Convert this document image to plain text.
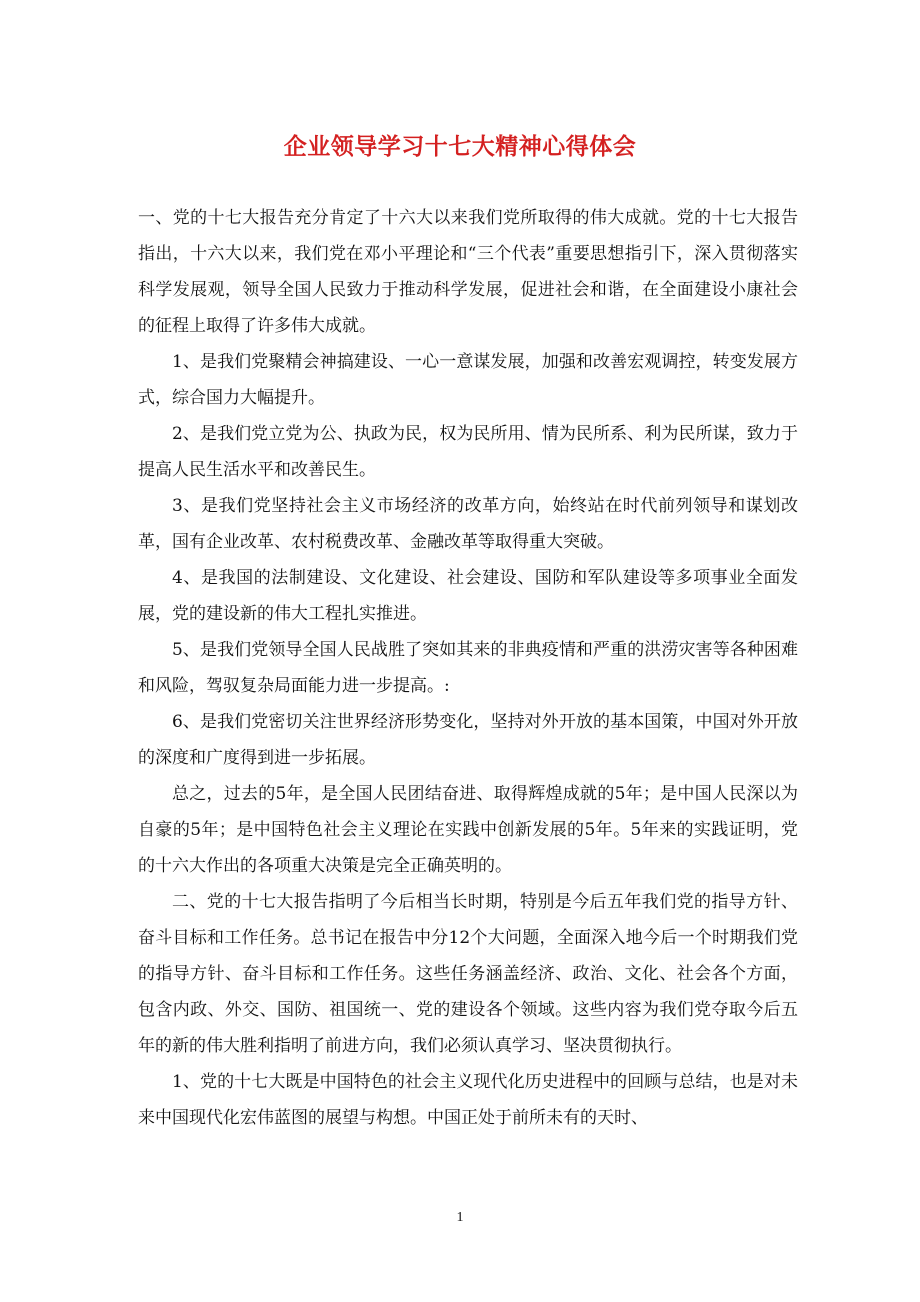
企业领导学习十七大精神心得体会

一、党的十七大报告充分肯定了十六大以来我们党所取得的伟大成就。党的十七大报告指出，十六大以来，我们党在邓小平理论和“三个代表”重要思想指引下，深入贯彻落实科学发展观，领导全国人民致力于推动科学发展，促进社会和谐，在全面建设小康社会的征程上取得了许多伟大成就。

1、是我们党聚精会神搞建设、一心一意谋发展，加强和改善宏观调控，转变发展方式，综合国力大幅提升。

2、是我们党立党为公、执政为民，权为民所用、情为民所系、利为民所谋，致力于提高人民生活水平和改善民生。

3、是我们党坚持社会主义市场经济的改革方向，始终站在时代前列领导和谋划改革，国有企业改革、农村税费改革、金融改革等取得重大突破。

4、是我国的法制建设、文化建设、社会建设、国防和军队建设等多项事业全面发展，党的建设新的伟大工程扎实推进。

5、是我们党领导全国人民战胜了突如其来的非典疫情和严重的洪涝灾害等各种困难和风险，驾驭复杂局面能力进一步提高。:

6、是我们党密切关注世界经济形势变化，坚持对外开放的基本国策，中国对外开放的深度和广度得到进一步拓展。

总之，过去的5年，是全国人民团结奋进、取得辉煌成就的5年；是中国人民深以为自豪的5年；是中国特色社会主义理论在实践中创新发展的5年。5年来的实践证明，党的十六大作出的各项重大决策是完全正确英明的。

二、党的十七大报告指明了今后相当长时期，特别是今后五年我们党的指导方针、奋斗目标和工作任务。总书记在报告中分12个大问题，全面深入地今后一个时期我们党的指导方针、奋斗目标和工作任务。这些任务涵盖经济、政治、文化、社会各个方面，包含内政、外交、国防、祖国统一、党的建设各个领域。这些内容为我们党夺取今后五年的新的伟大胜利指明了前进方向，我们必须认真学习、坚决贯彻执行。

1、党的十七大既是中国特色的社会主义现代化历史进程中的回顾与总结，也是对未来中国现代化宏伟蓝图的展望与构想。中国正处于前所未有的天时、

1
